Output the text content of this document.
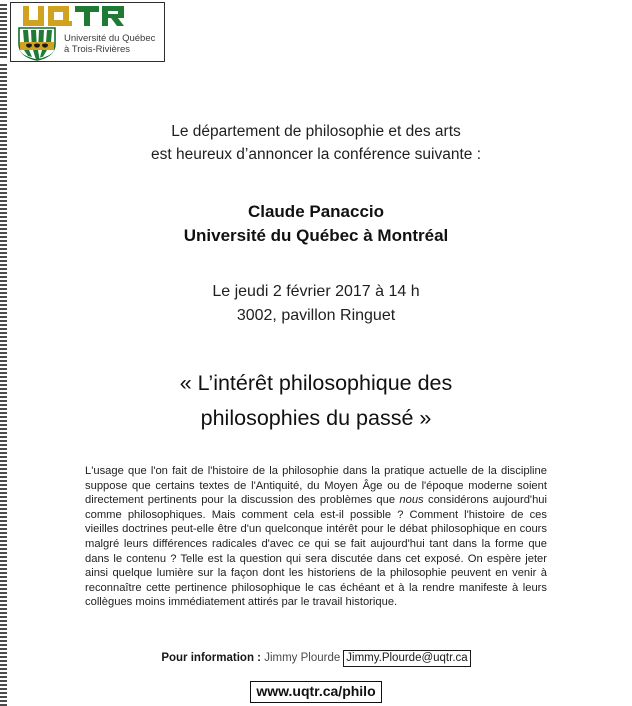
Université du Québec
à Trois-Rivières
Le département de philosophie et des arts
est heureux d’annoncer la conférence suivante :
Claude Panaccio
Université du Québec à Montréal
Le jeudi 2 février 2017 à 14 h
3002, pavillon Ringuet
« L’intérêt philosophique des
philosophies du passé »
L'usage que l'on fait de l'histoire de la philosophie dans la pratique actuelle de la discipline suppose que certains textes de l'Antiquité, du Moyen Âge ou de l'époque moderne soient directement pertinents pour la discussion des problèmes que nous considérons aujourd'hui comme philosophiques. Mais comment cela est-il possible ? Comment l'histoire de ces vieilles doctrines peut-elle être d'un quelconque intérêt pour le débat philosophique en cours malgré leurs différences radicales d'avec ce qui se fait aujourd'hui tant dans la forme que dans le contenu ? Telle est la question qui sera discutée dans cet exposé. On espère jeter ainsi quelque lumière sur la façon dont les historiens de la philosophie peuvent en venir à reconnaître cette pertinence philosophique le cas échéant et à la rendre manifeste à leurs collègues moins immédiatement attirés par le travail historique.
Pour information : Jimmy Plourde Jimmy.Plourde@uqtr.ca
www.uqtr.ca/philo
